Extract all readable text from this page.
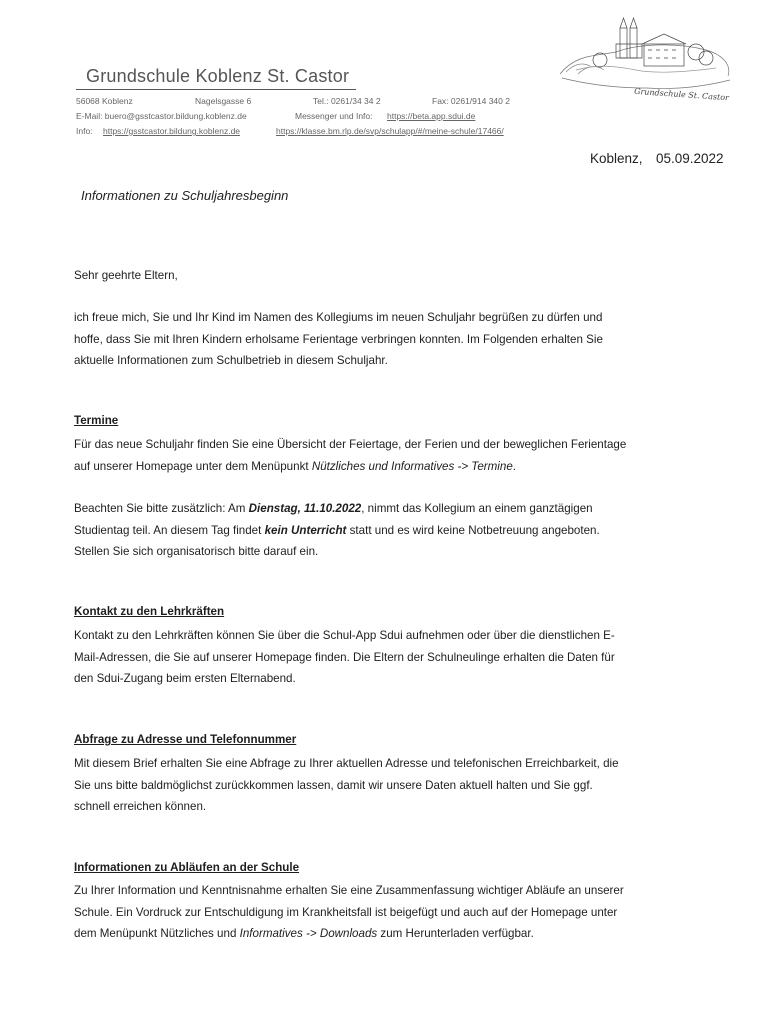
Grundschule Koblenz St. Castor
56068 Koblenz	Nagelsgasse 6	Tel.: 0261/34 34 2	Fax: 0261/914 340 2
E-Mail: buero@gsstcastor.bildung.koblenz.de	Messenger und Info: https://beta.app.sdui.de
Info: https://gsstcastor.bildung.koblenz.de	https://klasse.bm.rlp.de/svp/schulapp/#/meine-schule/17466/
Grundschule St. Castor
Koblenz, 05.09.2022
Informationen zu Schuljahresbeginn
Sehr geehrte Eltern,
ich freue mich, Sie und Ihr Kind im Namen des Kollegiums im neuen Schuljahr begrüßen zu dürfen und
hoffe, dass Sie mit Ihren Kindern erholsame Ferientage verbringen konnten. Im Folgenden erhalten Sie
aktuelle Informationen zum Schulbetrieb in diesem Schuljahr.
Termine
Für das neue Schuljahr finden Sie eine Übersicht der Feiertage, der Ferien und der beweglichen Ferientage
auf unserer Homepage unter dem Menüpunkt Nützliches und Informatives -> Termine.
Beachten Sie bitte zusätzlich: Am Dienstag, 11.10.2022, nimmt das Kollegium an einem ganztägigen
Studientag teil. An diesem Tag findet kein Unterricht statt und es wird keine Notbetreuung angeboten.
Stellen Sie sich organisatorisch bitte darauf ein.
Kontakt zu den Lehrkräften
Kontakt zu den Lehrkräften können Sie über die Schul-App Sdui aufnehmen oder über die dienstlichen E-
Mail-Adressen, die Sie auf unserer Homepage finden. Die Eltern der Schulneulinge erhalten die Daten für
den Sdui-Zugang beim ersten Elternabend.
Abfrage zu Adresse und Telefonnummer
Mit diesem Brief erhalten Sie eine Abfrage zu Ihrer aktuellen Adresse und telefonischen Erreichbarkeit, die
Sie uns bitte baldmöglichst zurückkommen lassen, damit wir unsere Daten aktuell halten und Sie ggf.
schnell erreichen können.
Informationen zu Abläufen an der Schule
Zu Ihrer Information und Kenntnisnahme erhalten Sie eine Zusammenfassung wichtiger Abläufe an unserer
Schule. Ein Vordruck zur Entschuldigung im Krankheitsfall ist beigefügt und auch auf der Homepage unter
dem Menüpunkt Nützliches und Informatives -> Downloads zum Herunterladen verfügbar.
